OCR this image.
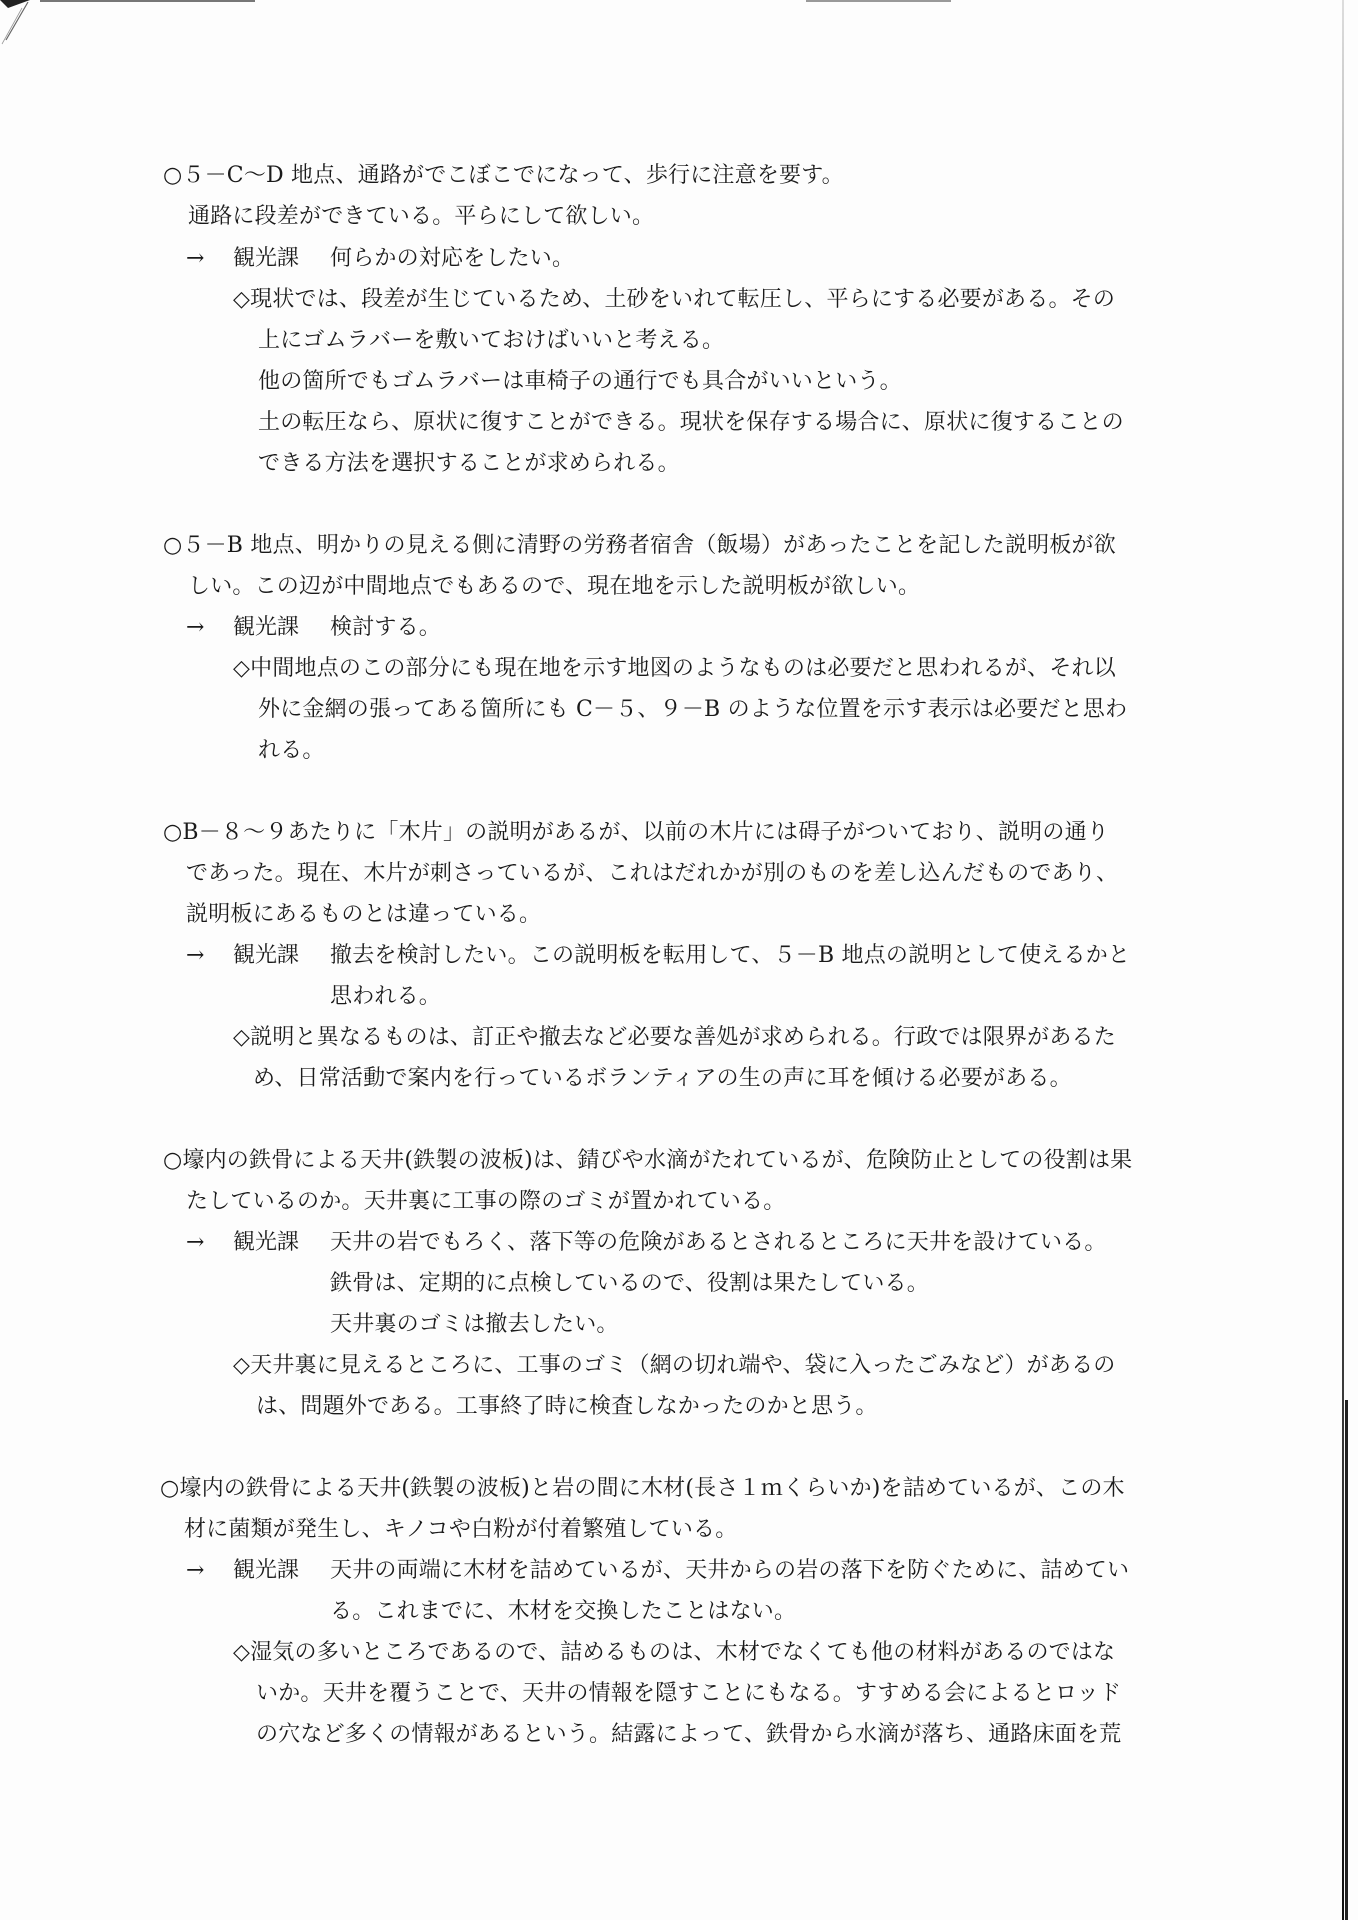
○５－C～D 地点、通路がでこぼこでになって、歩行に注意を要す。
通路に段差ができている。平らにして欲しい。
→ 観光課 何らかの対応をしたい。
◇現状では、段差が生じているため、土砂をいれて転圧し、平らにする必要がある。その
上にゴムラバーを敷いておけばいいと考える。
他の箇所でもゴムラバーは車椅子の通行でも具合がいいという。
土の転圧なら、原状に復すことができる。現状を保存する場合に、原状に復することの
できる方法を選択することが求められる。
○５－B 地点、明かりの見える側に清野の労務者宿舎（飯場）があったことを記した説明板が欲
しい。この辺が中間地点でもあるので、現在地を示した説明板が欲しい。
→ 観光課 検討する。
◇中間地点のこの部分にも現在地を示す地図のようなものは必要だと思われるが、それ以
外に金網の張ってある箇所にも C－５、９－B のような位置を示す表示は必要だと思わ
れる。
○B－８～９あたりに「木片」の説明があるが、以前の木片には碍子がついており、説明の通り
であった。現在、木片が刺さっているが、これはだれかが別のものを差し込んだものであり、
説明板にあるものとは違っている。
→ 観光課 撤去を検討したい。この説明板を転用して、５－B 地点の説明として使えるかと
思われる。
◇説明と異なるものは、訂正や撤去など必要な善処が求められる。行政では限界があるた
め、日常活動で案内を行っているボランティアの生の声に耳を傾ける必要がある。
○壕内の鉄骨による天井(鉄製の波板)は、錆びや水滴がたれているが、危険防止としての役割は果
たしているのか。天井裏に工事の際のゴミが置かれている。
→ 観光課 天井の岩でもろく、落下等の危険があるとされるところに天井を設けている。
鉄骨は、定期的に点検しているので、役割は果たしている。
天井裏のゴミは撤去したい。
◇天井裏に見えるところに、工事のゴミ（網の切れ端や、袋に入ったごみなど）があるの
は、問題外である。工事終了時に検査しなかったのかと思う。
○壕内の鉄骨による天井(鉄製の波板)と岩の間に木材(長さ１ｍくらいか)を詰めているが、この木
材に菌類が発生し、キノコや白粉が付着繁殖している。
→ 観光課 天井の両端に木材を詰めているが、天井からの岩の落下を防ぐために、詰めてい
る。これまでに、木材を交換したことはない。
◇湿気の多いところであるので、詰めるものは、木材でなくても他の材料があるのではな
いか。天井を覆うことで、天井の情報を隠すことにもなる。すすめる会によるとロッド
の穴など多くの情報があるという。結露によって、鉄骨から水滴が落ち、通路床面を荒
